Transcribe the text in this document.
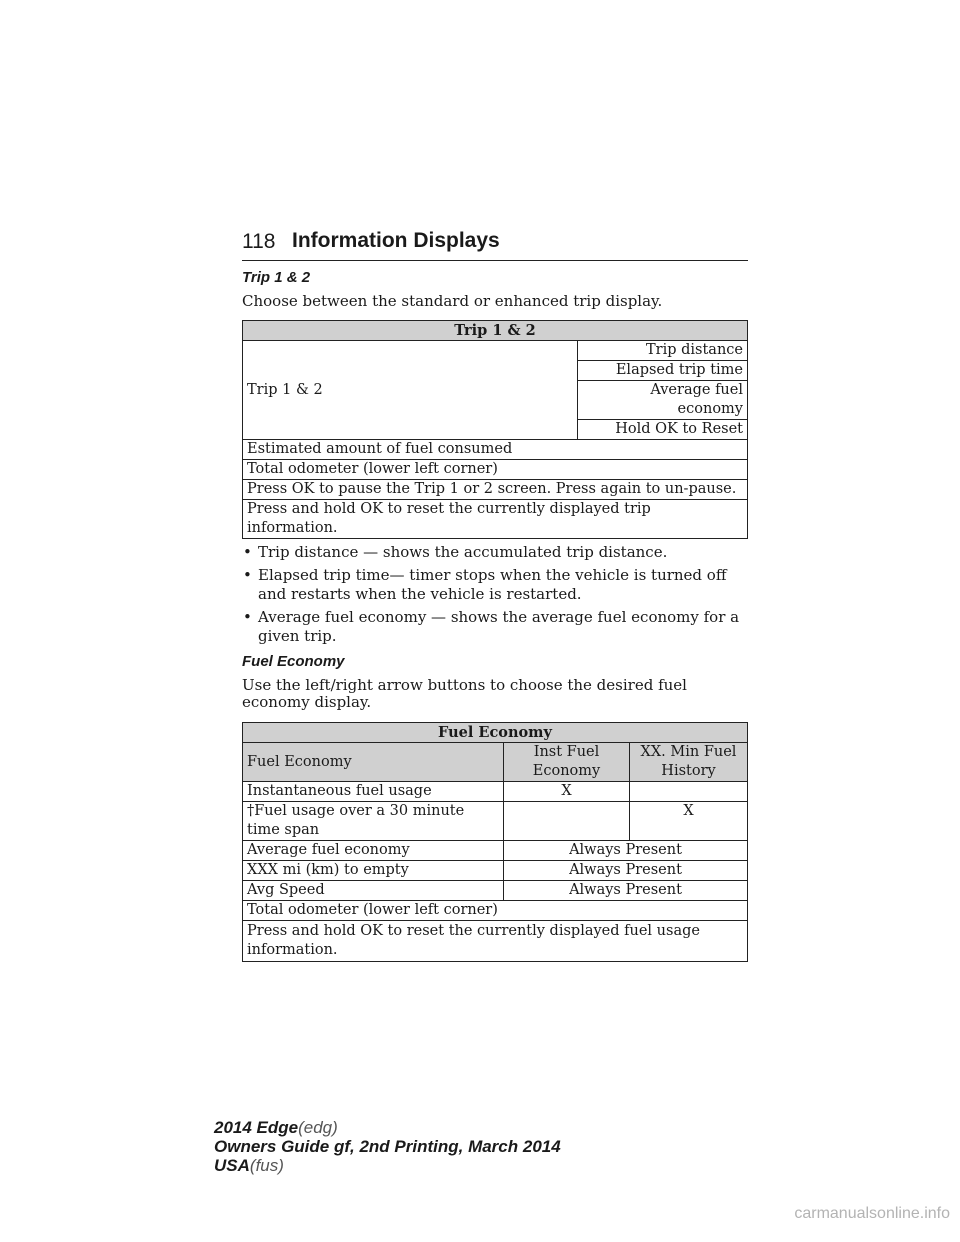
118 Information Displays
Trip 1 & 2

Choose between the standard or enhanced trip display.

Trip 1 & 2
Trip 1 & 2	Trip distance
Elapsed trip time
Average fuel economy
Hold OK to Reset
Estimated amount of fuel consumed
Total odometer (lower left corner)
Press OK to pause the Trip 1 or 2 screen. Press again to un-pause.
Press and hold OK to reset the currently displayed trip information.
• Trip distance — shows the accumulated trip distance.
• Elapsed trip time— timer stops when the vehicle is turned off and restarts when the vehicle is restarted.
• Average fuel economy — shows the average fuel economy for a given trip.
Fuel Economy

Use the left/right arrow buttons to choose the desired fuel economy display.

Fuel Economy		
Fuel Economy	Inst Fuel Economy	XX. Min Fuel History
Instantaneous fuel usage	X	
†Fuel usage over a 30 minute time span		X
Average fuel economy	Always Present	
XXX mi (km) to empty	Always Present	
Avg Speed	Always Present	
Total odometer (lower left corner)		
Press and hold OK to reset the currently displayed fuel usage information.		
2014 Edge(edg)
Owners Guide gf, 2nd Printing, March 2014
USA(fus)
carmanualsonline.info
